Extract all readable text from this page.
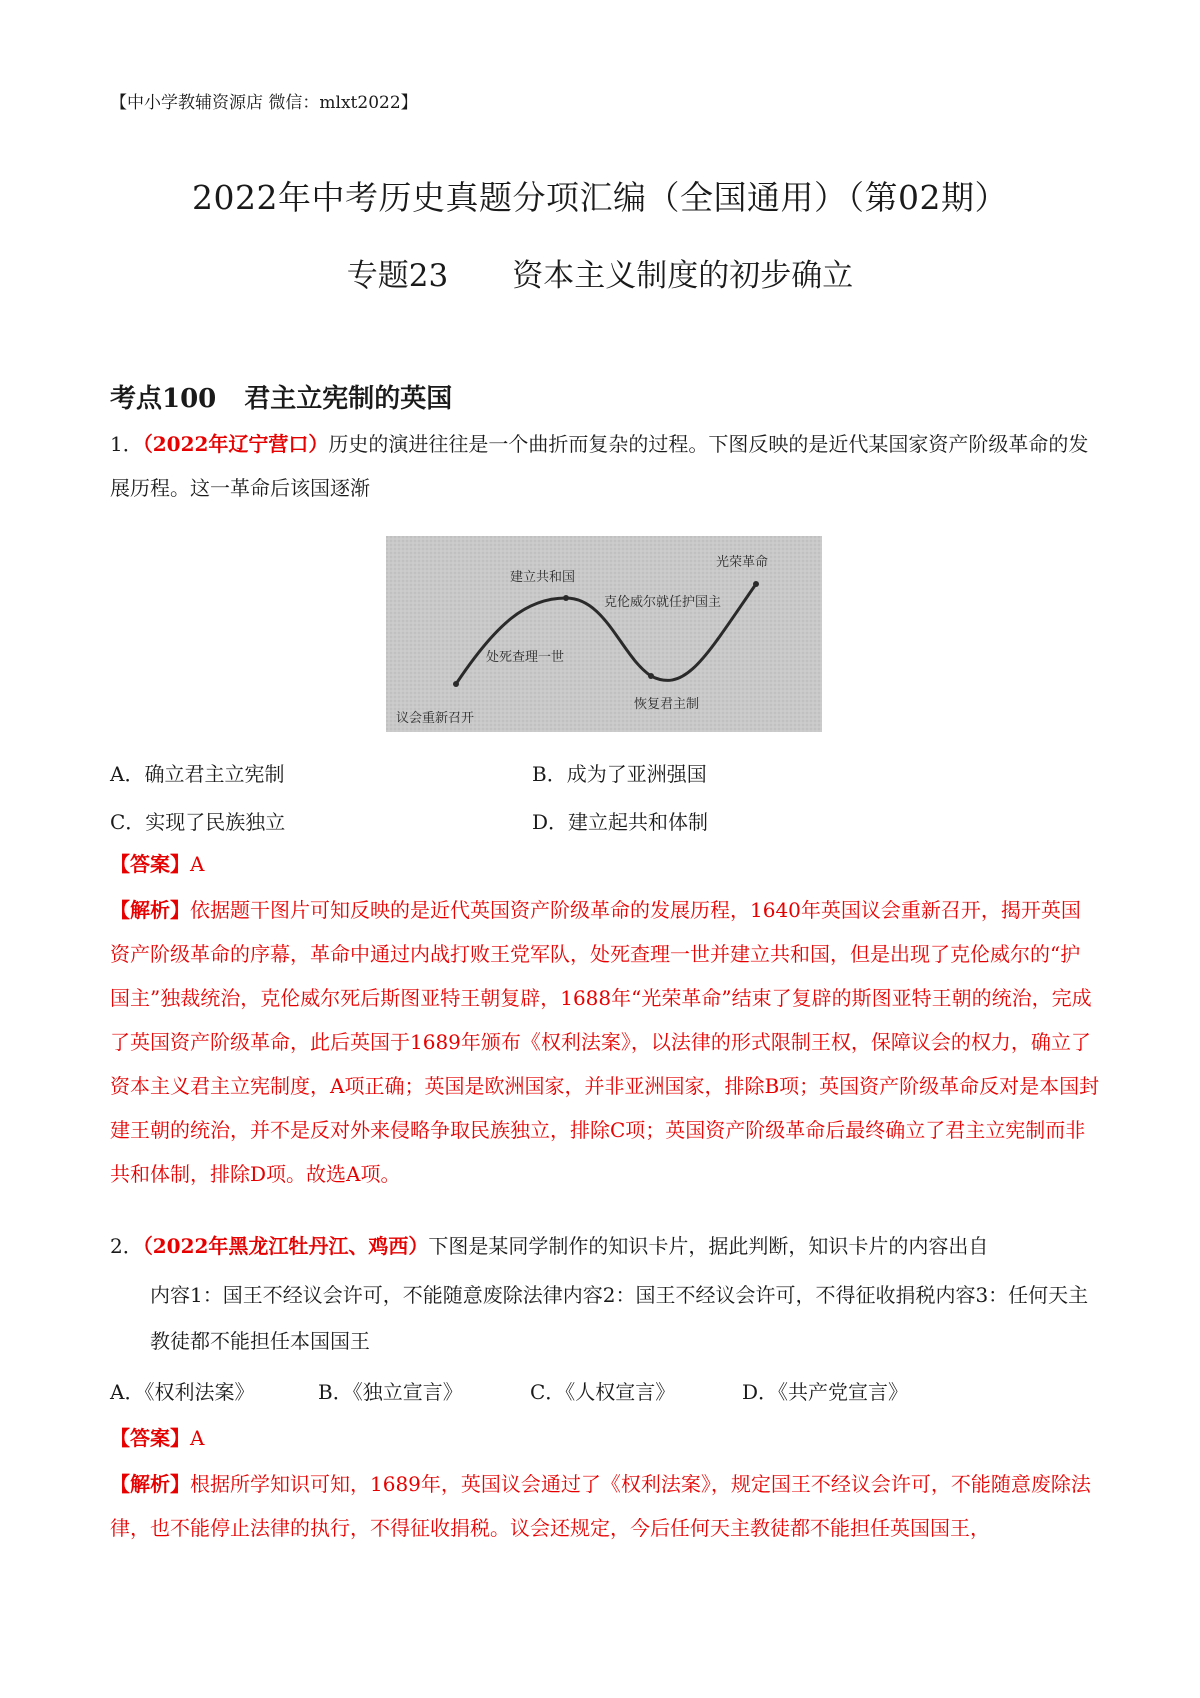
【中小学教辅资源店 微信：mlxt2022】
2022年中考历史真题分项汇编（全国通用）（第02期）
专题23 资本主义制度的初步确立
考点100 君主立宪制的英国
1．（2022年辽宁营口）历史的演进往往是一个曲折而复杂的过程。下图反映的是近代某国家资产阶级革命的发展历程。这一革命后该国逐渐
议会重新召开
处死查理一世
建立共和国
克伦威尔就任护国主
恢复君主制
光荣革命
A．确立君主立宪制	B．成为了亚洲强国
C．实现了民族独立	D．建立起共和体制
【答案】A
【解析】依据题干图片可知反映的是近代英国资产阶级革命的发展历程，1640年英国议会重新召开，揭开英国资产阶级革命的序幕，革命中通过内战打败王党军队，处死查理一世并建立共和国，但是出现了克伦威尔的“护国主”独裁统治，克伦威尔死后斯图亚特王朝复辟，1688年“光荣革命”结束了复辟的斯图亚特王朝的统治，完成了英国资产阶级革命，此后英国于1689年颁布《权利法案》，以法律的形式限制王权，保障议会的权力，确立了资本主义君主立宪制度，A项正确；英国是欧洲国家，并非亚洲国家，排除B项；英国资产阶级革命反对是本国封建王朝的统治，并不是反对外来侵略争取民族独立，排除C项；英国资产阶级革命后最终确立了君主立宪制而非共和体制，排除D项。故选A项。
2．（2022年黑龙江牡丹江、鸡西）下图是某同学制作的知识卡片，据此判断，知识卡片的内容出自
内容1：国王不经议会许可，不能随意废除法律内容2：国王不经议会许可，不得征收捐税内容3：任何天主教徒都不能担任本国国王
A．《权利法案》	B．《独立宣言》	C．《人权宣言》	D．《共产党宣言》
【答案】A
【解析】根据所学知识可知，1689年，英国议会通过了《权利法案》，规定国王不经议会许可，不能随意废除法律，也不能停止法律的执行，不得征收捐税。议会还规定，今后任何天主教徒都不能担任英国国王，
